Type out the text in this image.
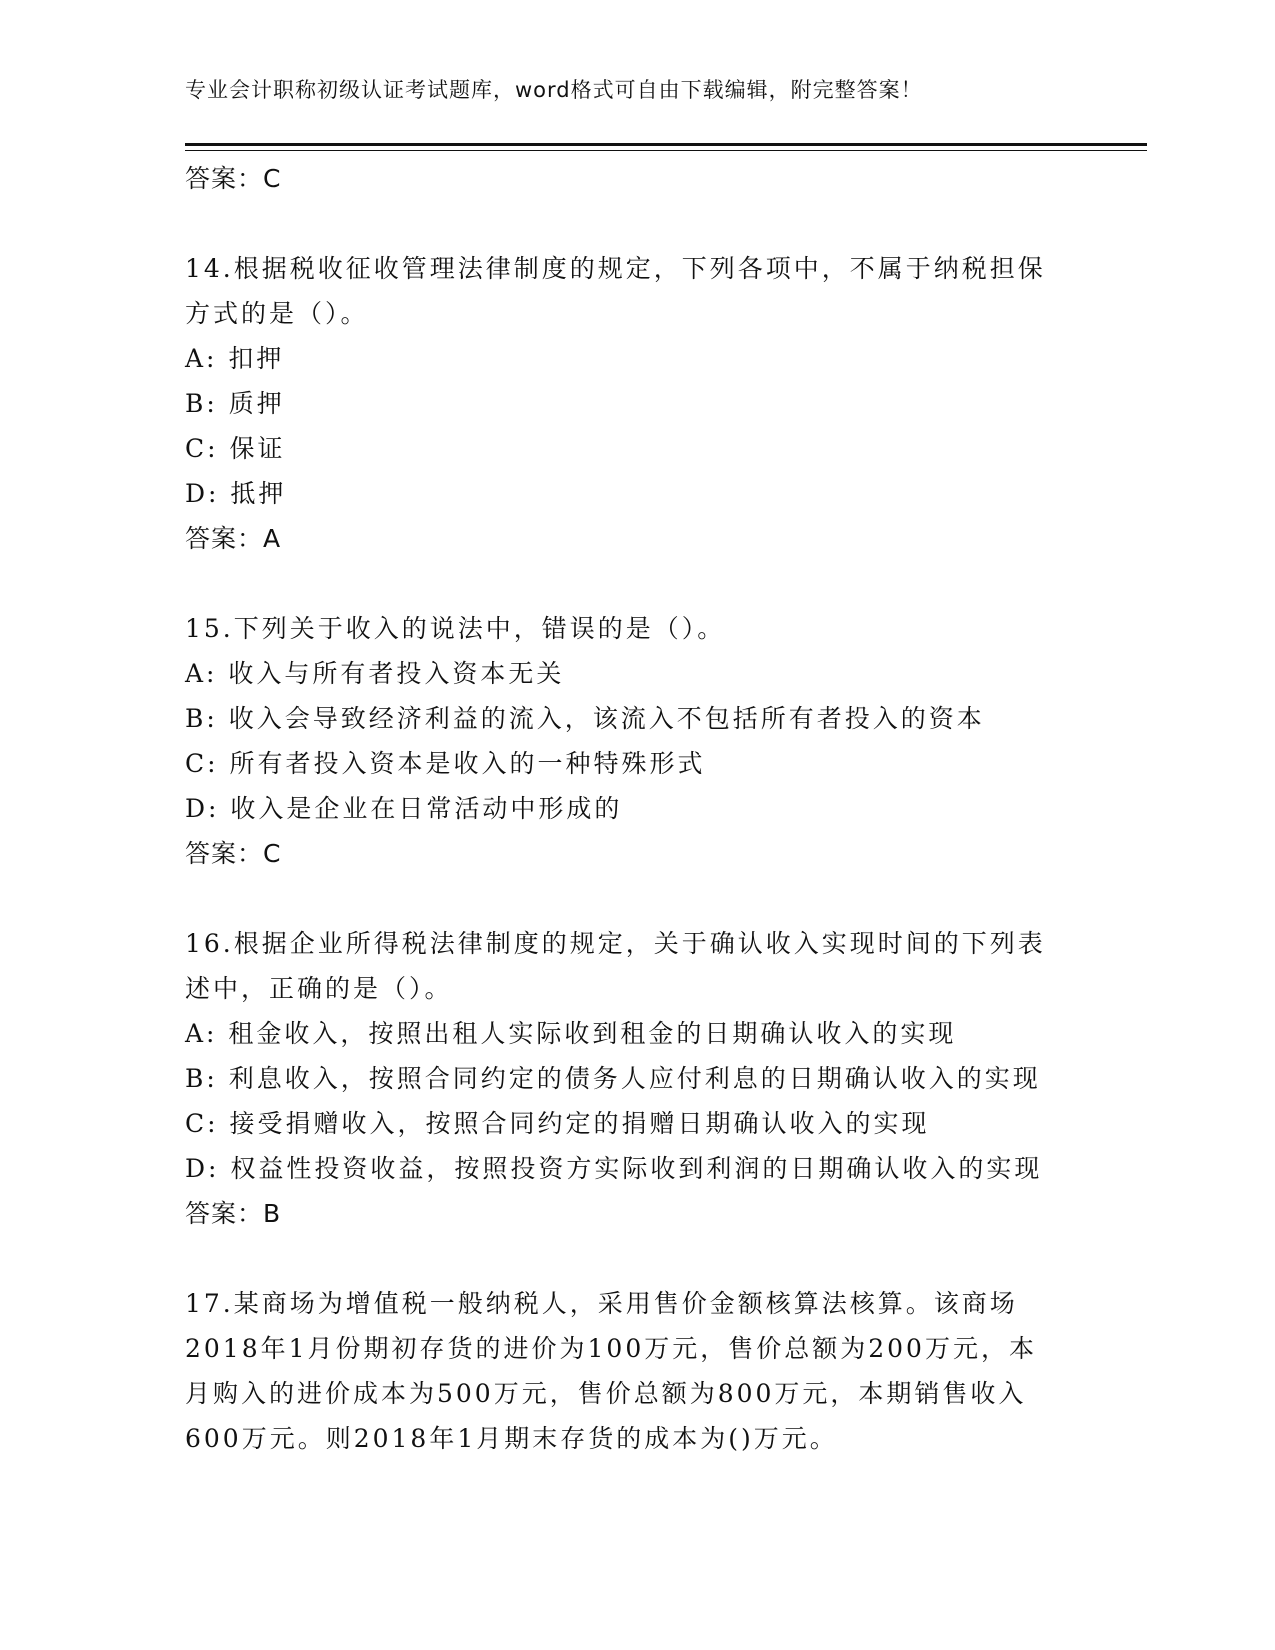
专业会计职称初级认证考试题库，word格式可自由下载编辑，附完整答案！
答案：C
14.根据税收征收管理法律制度的规定，下列各项中，不属于纳税担保
方式的是（）。
A: 扣押
B: 质押
C: 保证
D: 抵押
答案：A
15.下列关于收入的说法中，错误的是（）。
A: 收入与所有者投入资本无关
B: 收入会导致经济利益的流入，该流入不包括所有者投入的资本
C: 所有者投入资本是收入的一种特殊形式
D: 收入是企业在日常活动中形成的
答案：C
16.根据企业所得税法律制度的规定，关于确认收入实现时间的下列表
述中，正确的是（）。
A: 租金收入，按照出租人实际收到租金的日期确认收入的实现
B: 利息收入，按照合同约定的债务人应付利息的日期确认收入的实现
C: 接受捐赠收入，按照合同约定的捐赠日期确认收入的实现
D: 权益性投资收益，按照投资方实际收到利润的日期确认收入的实现
答案：B
17.某商场为增值税一般纳税人，采用售价金额核算法核算。该商场
2018年1月份期初存货的进价为100万元，售价总额为200万元，本
月购入的进价成本为500万元，售价总额为800万元，本期销售收入
600万元。则2018年1月期末存货的成本为()万元。
